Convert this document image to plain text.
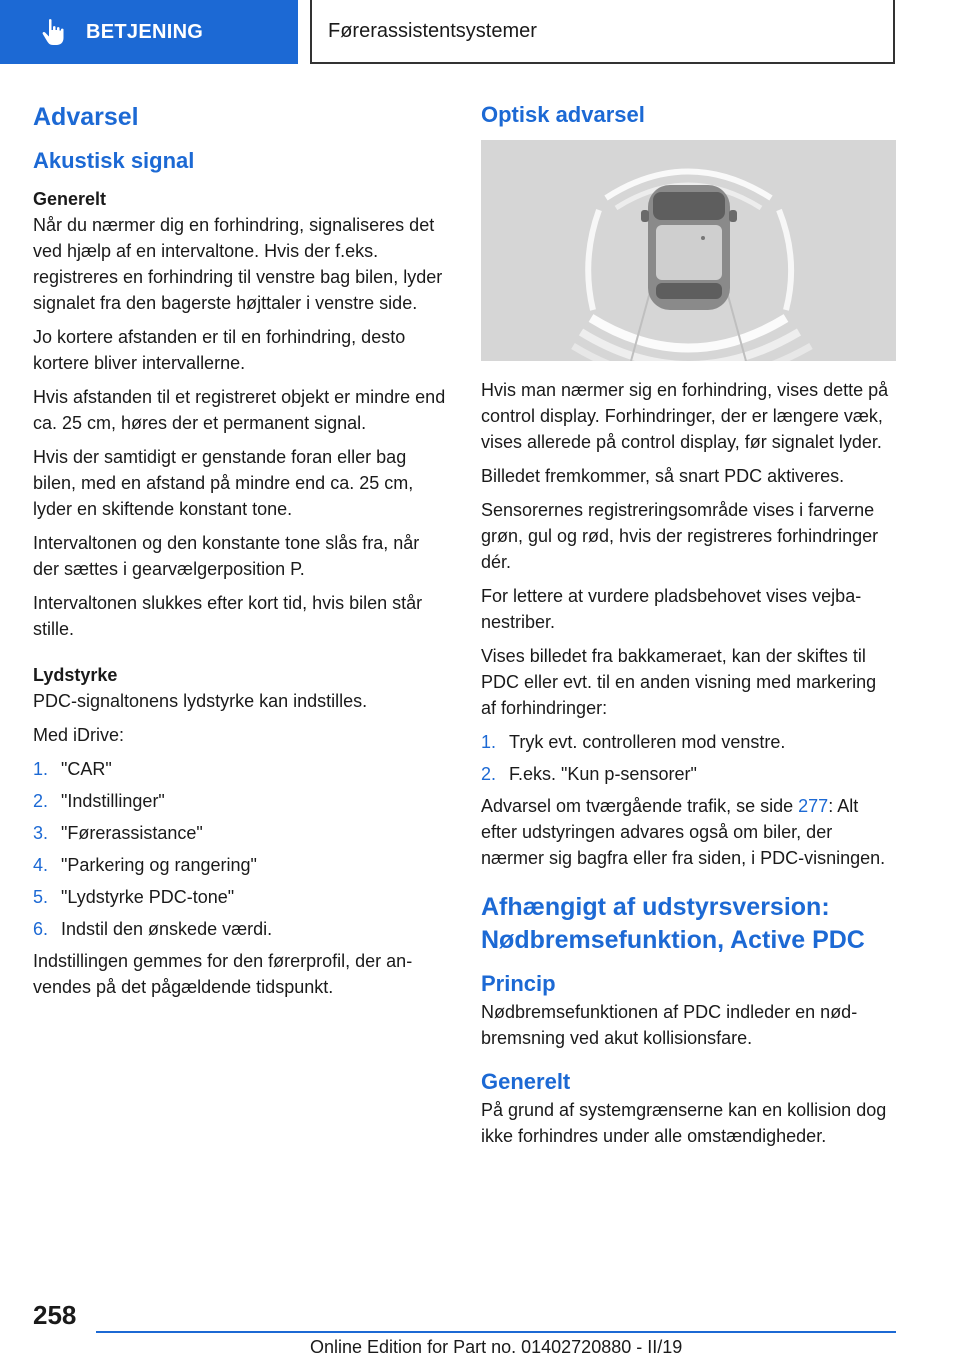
BETJENING	Førerassistentsystemer
Advarsel
Akustisk signal
Generelt

Når du nærmer dig en forhindring, signaliseres det ved hjælp af en intervaltone. Hvis der f.eks. registreres en forhindring til venstre bag bilen, lyder signalet fra den bagerste højttaler i venstre side.

Jo kortere afstanden er til en forhindring, desto kortere bliver intervallerne.

Hvis afstanden til et registreret objekt er mindre end ca. 25 cm, høres der et permanent signal.

Hvis der samtidigt er genstande foran eller bag bilen, med en afstand på mindre end ca. 25 cm, lyder en skiftende konstant tone.

Intervaltonen og den konstante tone slås fra, når der sættes i gearvælgerposition P.

Intervaltonen slukkes efter kort tid, hvis bilen står stille.

Lydstyrke

PDC-signaltonens lydstyrke kan indstilles.

Med iDrive:

1. "CAR"
2. "Indstillinger"
3. "Førerassistance"
4. "Parkering og rangering"
5. "Lydstyrke PDC-tone"
6. Indstil den ønskede værdi.

Indstillingen gemmes for den førerprofil, der anvendes på det pågældende tidspunkt.

Optisk advarsel

Hvis man nærmer sig en forhindring, vises dette på control display. Forhindringer, der er længere væk, vises allerede på control display, før signalet lyder.

Billedet fremkommer, så snart PDC aktiveres.

Sensorernes registreringsområde vises i farverne grøn, gul og rød, hvis der registreres forhindringer dér.

For lettere at vurdere pladsbehovet vises vejbanestriber.

Vises billedet fra bakkameraet, kan der skiftes til PDC eller evt. til en anden visning med markering af forhindringer:

1. Tryk evt. controlleren mod venstre.
2. F.eks. "Kun p-sensorer"

Advarsel om tværgående trafik, se side 277: Alt efter udstyringen advares også om biler, der nærmer sig bagfra eller fra siden, i PDC-visningen.

Afhængigt af udstyrsversion:
Nødbremsefunktion, Active PDC
Princip

Nødbremsefunktionen af PDC indleder en nødbremsning ved akut kollisionsfare.

Generelt

På grund af systemgrænserne kan en kollision dog ikke forhindres under alle omstændigheder.

258
Online Edition for Part no. 01402720880 - II/19
